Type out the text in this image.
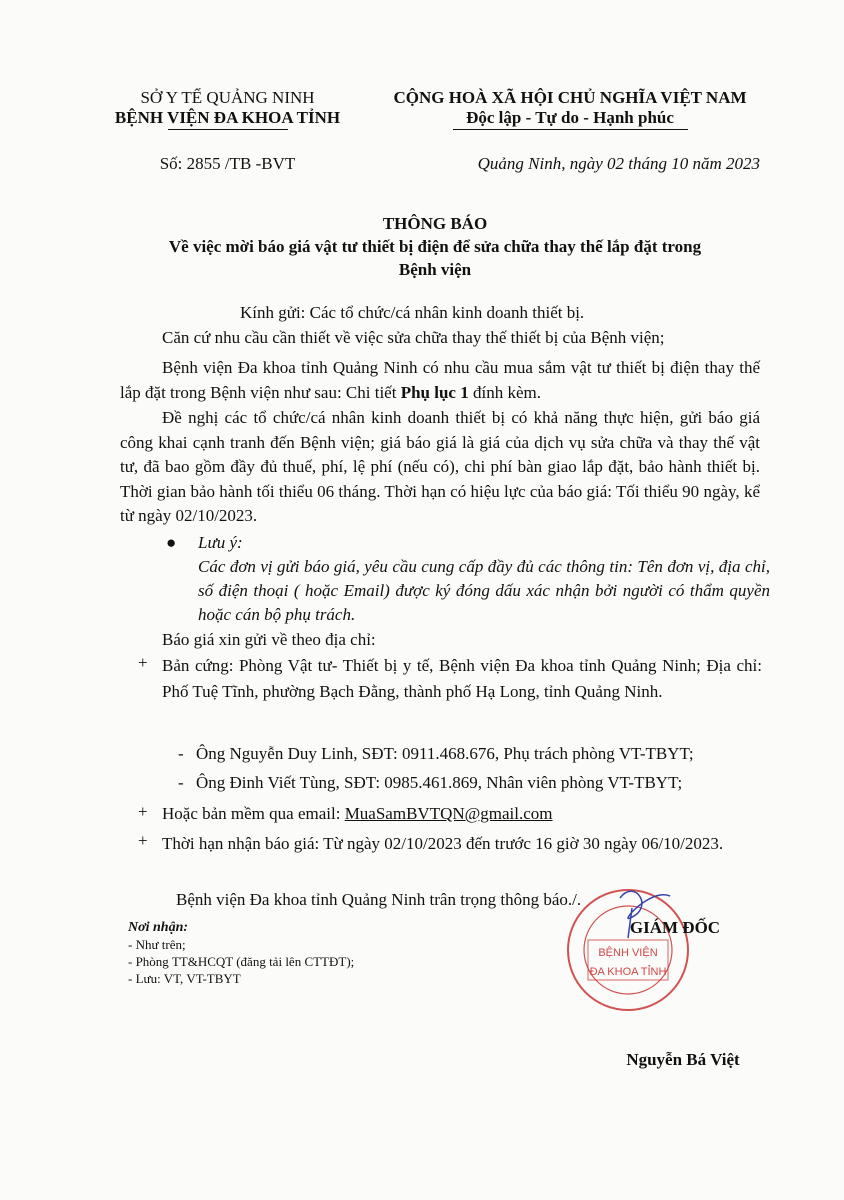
SỞ Y TẾ QUẢNG NINH
BỆNH VIỆN ĐA KHOA TỈNH
Số: 2855 /TB -BVT
CỘNG HOÀ XÃ HỘI CHỦ NGHĨA VIỆT NAM
Độc lập - Tự do - Hạnh phúc
Quảng Ninh, ngày 02 tháng 10 năm 2023
THÔNG BÁO
Về việc mời báo giá vật tư thiết bị điện để sửa chữa thay thế lắp đặt trong
Bệnh viện
Kính gửi: Các tổ chức/cá nhân kinh doanh thiết bị.
Căn cứ nhu cầu cần thiết về việc sửa chữa thay thế thiết bị của Bệnh viện;
Bệnh viện Đa khoa tỉnh Quảng Ninh có nhu cầu mua sắm vật tư thiết bị điện thay thế lắp đặt trong Bệnh viện như sau: Chi tiết Phụ lục 1 đính kèm.
Đề nghị các tổ chức/cá nhân kinh doanh thiết bị có khả năng thực hiện, gửi báo giá công khai cạnh tranh đến Bệnh viện; giá báo giá là giá của dịch vụ sửa chữa và thay thế vật tư, đã bao gồm đầy đủ thuế, phí, lệ phí (nếu có), chi phí bàn giao lắp đặt, bảo hành thiết bị. Thời gian bảo hành tối thiểu 06 tháng. Thời hạn có hiệu lực của báo giá: Tối thiểu 90 ngày, kể từ ngày 02/10/2023.
● Lưu ý:
Các đơn vị gửi báo giá, yêu cầu cung cấp đầy đủ các thông tin: Tên đơn vị, địa chỉ, số điện thoại ( hoặc Email) được ký đóng dấu xác nhận bởi người có thẩm quyền hoặc cán bộ phụ trách.
Báo giá xin gửi về theo địa chỉ:
+ Bản cứng: Phòng Vật tư- Thiết bị y tế, Bệnh viện Đa khoa tỉnh Quảng Ninh; Địa chỉ: Phố Tuệ Tĩnh, phường Bạch Đằng, thành phố Hạ Long, tỉnh Quảng Ninh.
- Ông Nguyễn Duy Linh, SĐT: 0911.468.676, Phụ trách phòng VT-TBYT;
- Ông Đinh Viết Tùng, SĐT: 0985.461.869, Nhân viên phòng VT-TBYT;
+ Hoặc bản mềm qua email: MuaSamBVTQN@gmail.com
+ Thời hạn nhận báo giá: Từ ngày 02/10/2023 đến trước 16 giờ 30 ngày 06/10/2023.
Bệnh viện Đa khoa tỉnh Quảng Ninh trân trọng thông báo./.
Nơi nhận:
- Như trên;
- Phòng TT&HCQT (đăng tải lên CTTĐT);
- Lưu: VT, VT-TBYT
BỆNH VIỆN
ĐA KHOA TỈNH
GIÁM ĐỐC
Nguyễn Bá Việt
